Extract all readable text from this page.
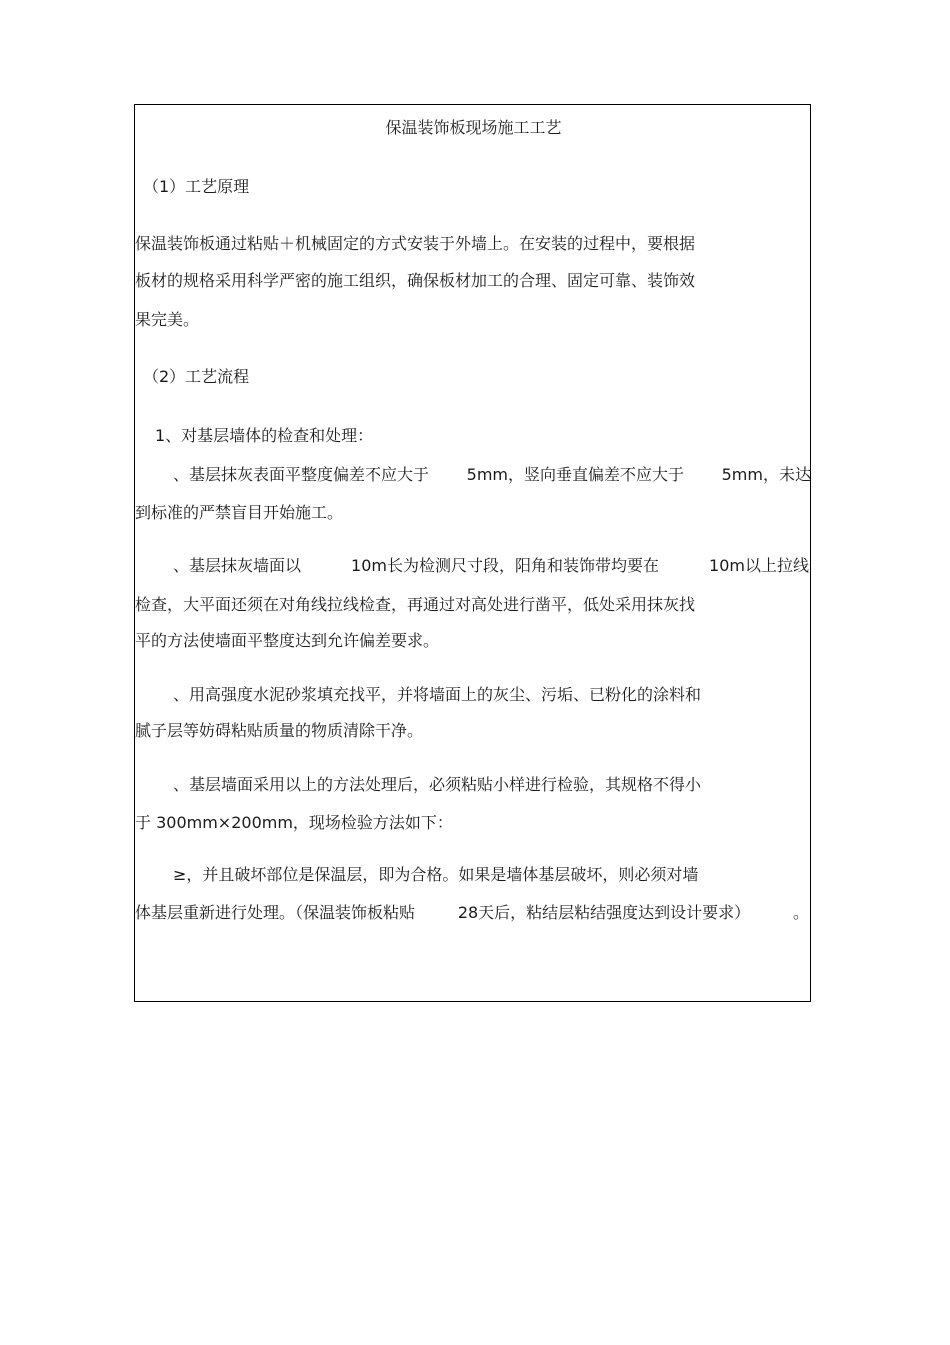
保温装饰板现场施工工艺

（1）工艺原理

保温装饰板通过粘贴＋机械固定的方式安装于外墙上。在安装的过程中，要根据

板材的规格采用科学严密的施工组织，确保板材加工的合理、固定可靠、装饰效

果完美。

（2）工艺流程

1、对基层墙体的检查和处理：

、基层抹灰表面平整度偏差不应大于 5mm，竖向垂直偏差不应大于 5mm，未达

到标准的严禁盲目开始施工。

、基层抹灰墙面以	10m长为检测尺寸段，阳角和装饰带均要在	10m以上拉线

检查，大平面还须在对角线拉线检查，再通过对高处进行凿平，低处采用抹灰找

平的方法使墙面平整度达到允许偏差要求。

、用高强度水泥砂浆填充找平，并将墙面上的灰尘、污垢、已粉化的涂料和

腻子层等妨碍粘贴质量的物质清除干净。

、基层墙面采用以上的方法处理后，必须粘贴小样进行检验，其规格不得小

于 300mm×200mm，现场检验方法如下：

≥，并且破坏部位是保温层，即为合格。如果是墙体基层破坏，则必须对墙

体基层重新进行处理。（保温装饰板粘贴	28天后，粘结层粘结强度达到设计要求）	。
